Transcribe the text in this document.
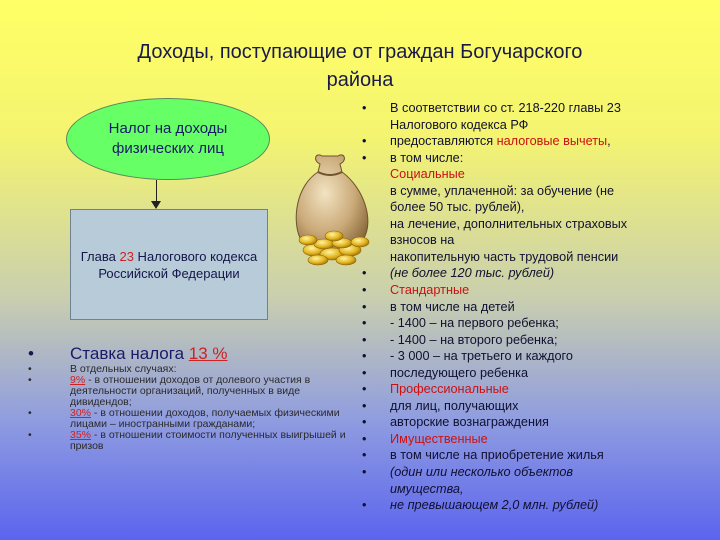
Доходы, поступающие от граждан Богучарского
района
Налог на доходы физических лиц
Глава 23 Налогового кодекса Российской Федерации
• Ставка налога 13 %
•	В отдельных случаях:
•	9% - в отношении доходов от долевого участия в деятельности организаций, полученных в виде дивидендов;
•	30% - в отношении доходов, получаемых физическими лицами – иностранными гражданами;
•	35% - в отношении стоимости полученных выигрышей и призов
• В соответствии со ст. 218-220 главы 23
Налогового кодекса РФ
• предоставляются налоговые вычеты,
• в том числе:
Социальные
в сумме, уплаченной: за обучение (не
более 50 тыс. рублей),
на лечение, дополнительных страховых
взносов на
накопительную часть трудовой пенсии
• (не более 120 тыс. рублей)
• Стандартные
• в том числе на детей
• - 1400 – на первого ребенка;
• - 1400 – на второго ребенка;
• - 3 000 – на третьего и каждого
• последующего ребенка
• Профессиональные
• для лиц, получающих
• авторские вознаграждения
• Имущественные
• в том числе на приобретение жилья
• (один или несколько объектов
имущества,
• не превышающем 2,0 млн. рублей)
